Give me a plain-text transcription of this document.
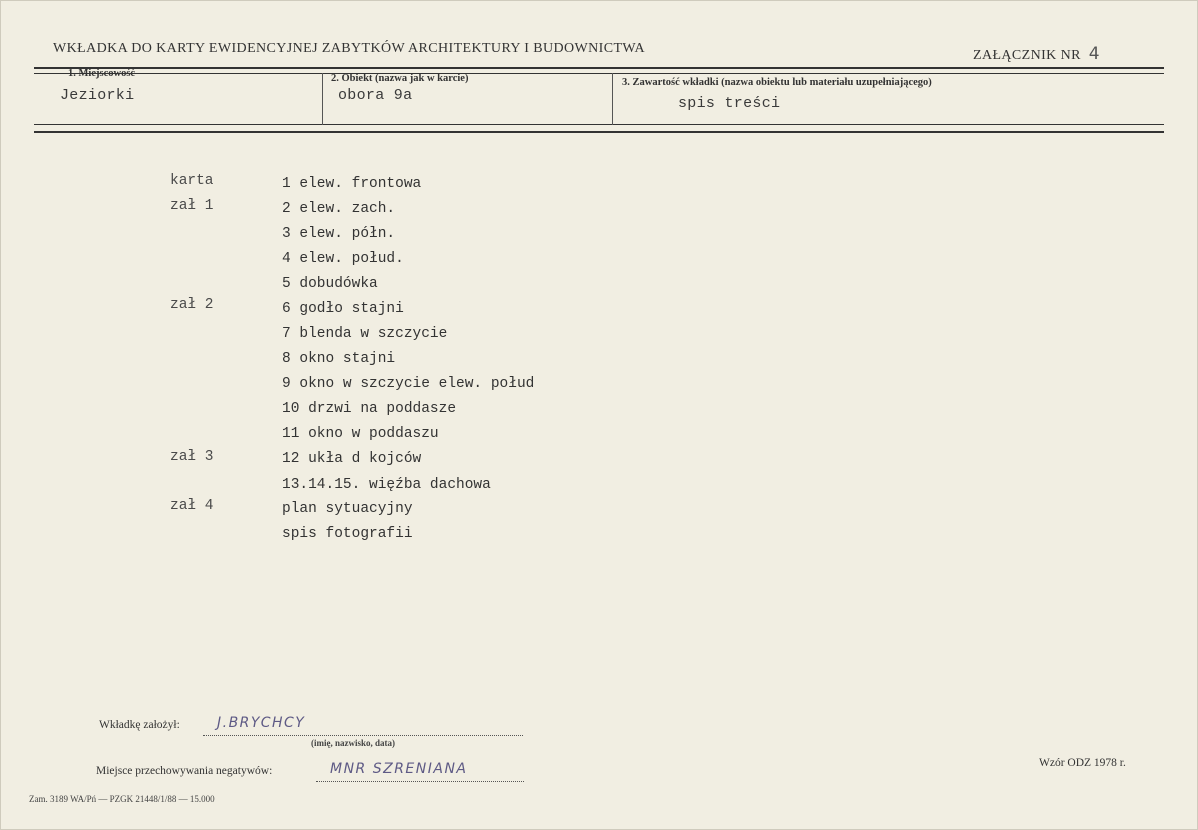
WKŁADKA DO KARTY EWIDENCYJNEJ ZABYTKÓW ARCHITEKTURY I BUDOWNICTWA	ZAŁĄCZNIK NR 4
1. Miejscowość
Jeziorki
2. Obiekt (nazwa jak w karcie)
obora 9a
3. Zawartość wkładki (nazwa obiektu lub materiału uzupełniającego)
spis treści
karta	1 elew. frontowa
zał 1	2 elew. zach.
3 elew. półn.
4 elew. połud.
5 dobudówka
zał 2	6 godło stajni
7 blenda w szczycie
8 okno stajni
9 okno w szczycie elew. połud
10 drzwi na poddasze
11 okno w poddaszu
zał 3	12 ukła d kojców
13.14.15. więźba dachowa
zał 4	plan sytuacyjny
spis fotografii
Wkładkę założył:	J.BRYCHCY
(imię, nazwisko, data)
Miejsce przechowywania negatywów:	MNR SZRENIANA	Wzór ODZ 1978 r.
Zam. 3189 WA/Pń — PZGK 21448/1/88 — 15.000
